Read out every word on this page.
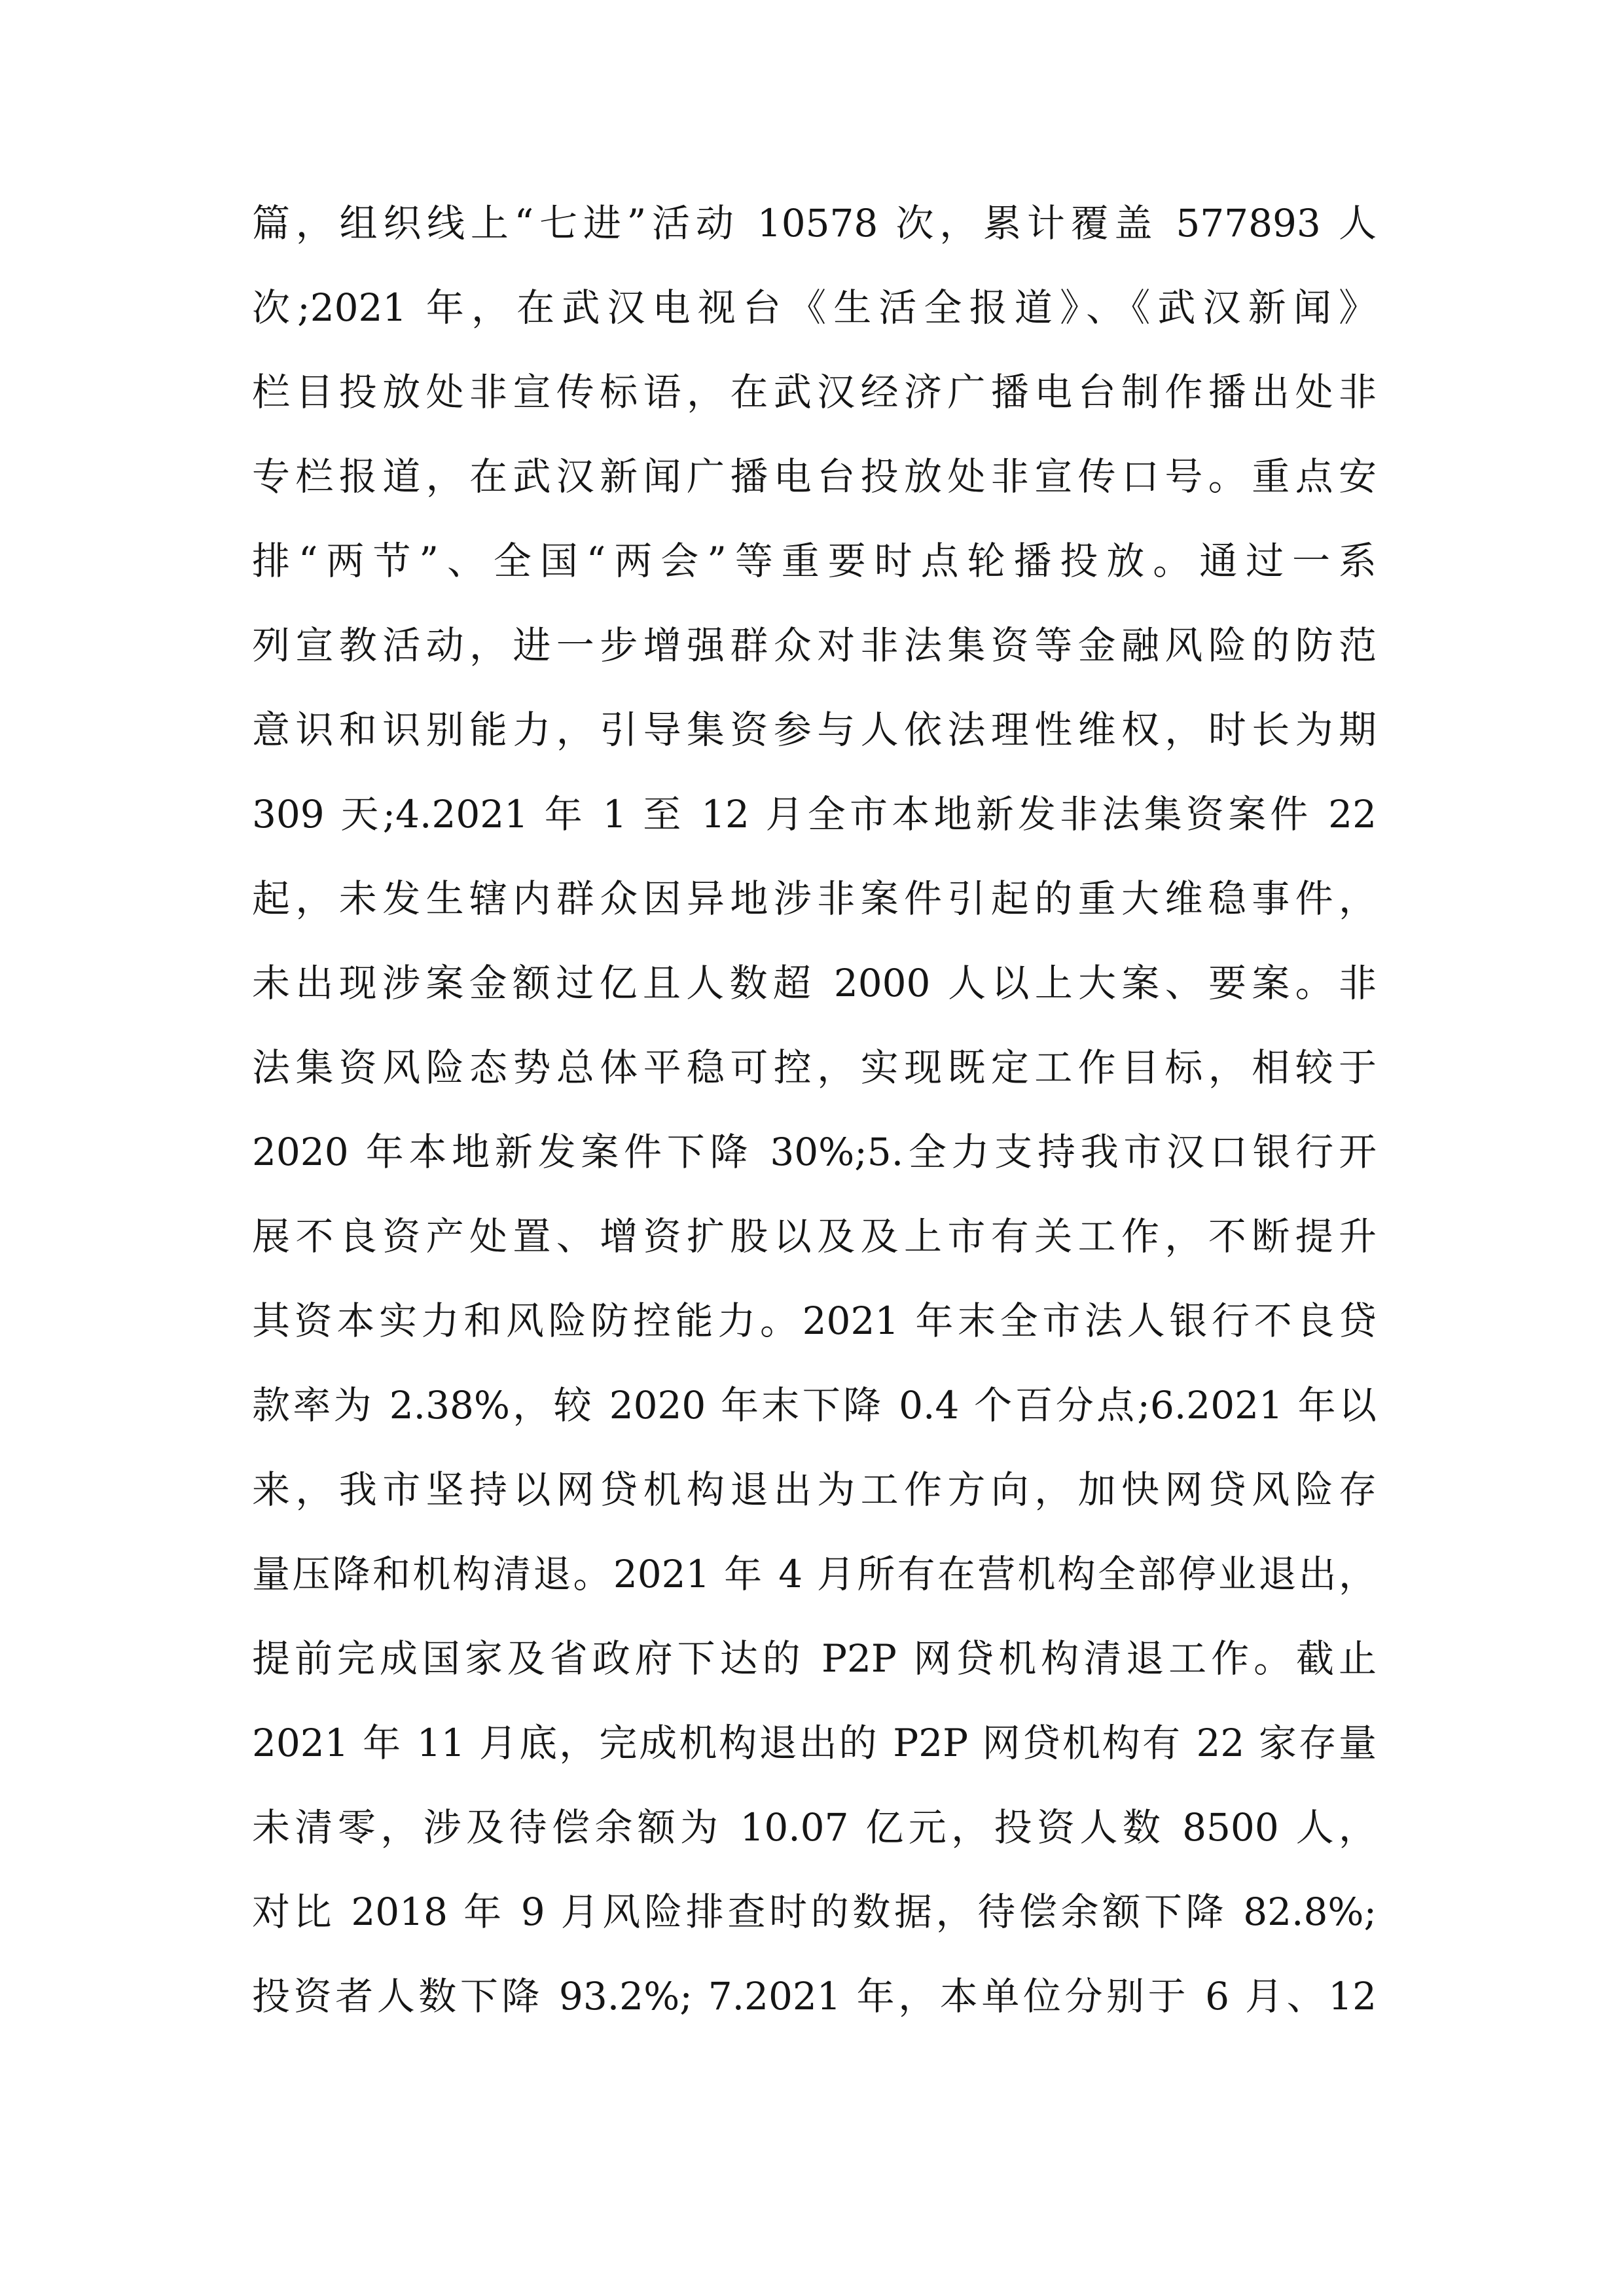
篇，组织线上“七进”活动 10578 次，累计覆盖 577893 人
次;2021 年，在武汉电视台《生活全报道》、《武汉新闻》
栏目投放处非宣传标语，在武汉经济广播电台制作播出处非
专栏报道，在武汉新闻广播电台投放处非宣传口号。重点安
排“两节”、全国“两会”等重要时点轮播投放。通过一系
列宣教活动，进一步增强群众对非法集资等金融风险的防范
意识和识别能力，引导集资参与人依法理性维权，时长为期
309 天;4.2021 年 1 至 12 月全市本地新发非法集资案件 22
起，未发生辖内群众因异地涉非案件引起的重大维稳事件，
未出现涉案金额过亿且人数超 2000 人以上大案、要案。非
法集资风险态势总体平稳可控，实现既定工作目标，相较于
2020 年本地新发案件下降 30%;5.全力支持我市汉口银行开
展不良资产处置、增资扩股以及及上市有关工作，不断提升
其资本实力和风险防控能力。2021 年末全市法人银行不良贷
款率为 2.38%，较 2020 年末下降 0.4 个百分点;6.2021 年以
来，我市坚持以网贷机构退出为工作方向，加快网贷风险存
量压降和机构清退。2021 年 4 月所有在营机构全部停业退出，
提前完成国家及省政府下达的 P2P 网贷机构清退工作。截止
2021 年 11 月底，完成机构退出的 P2P 网贷机构有 22 家存量
未清零，涉及待偿余额为 10.07 亿元，投资人数 8500 人，
对比 2018 年 9 月风险排查时的数据，待偿余额下降 82.8%;
投资者人数下降 93.2%; 7.2021 年，本单位分别于 6 月、12
